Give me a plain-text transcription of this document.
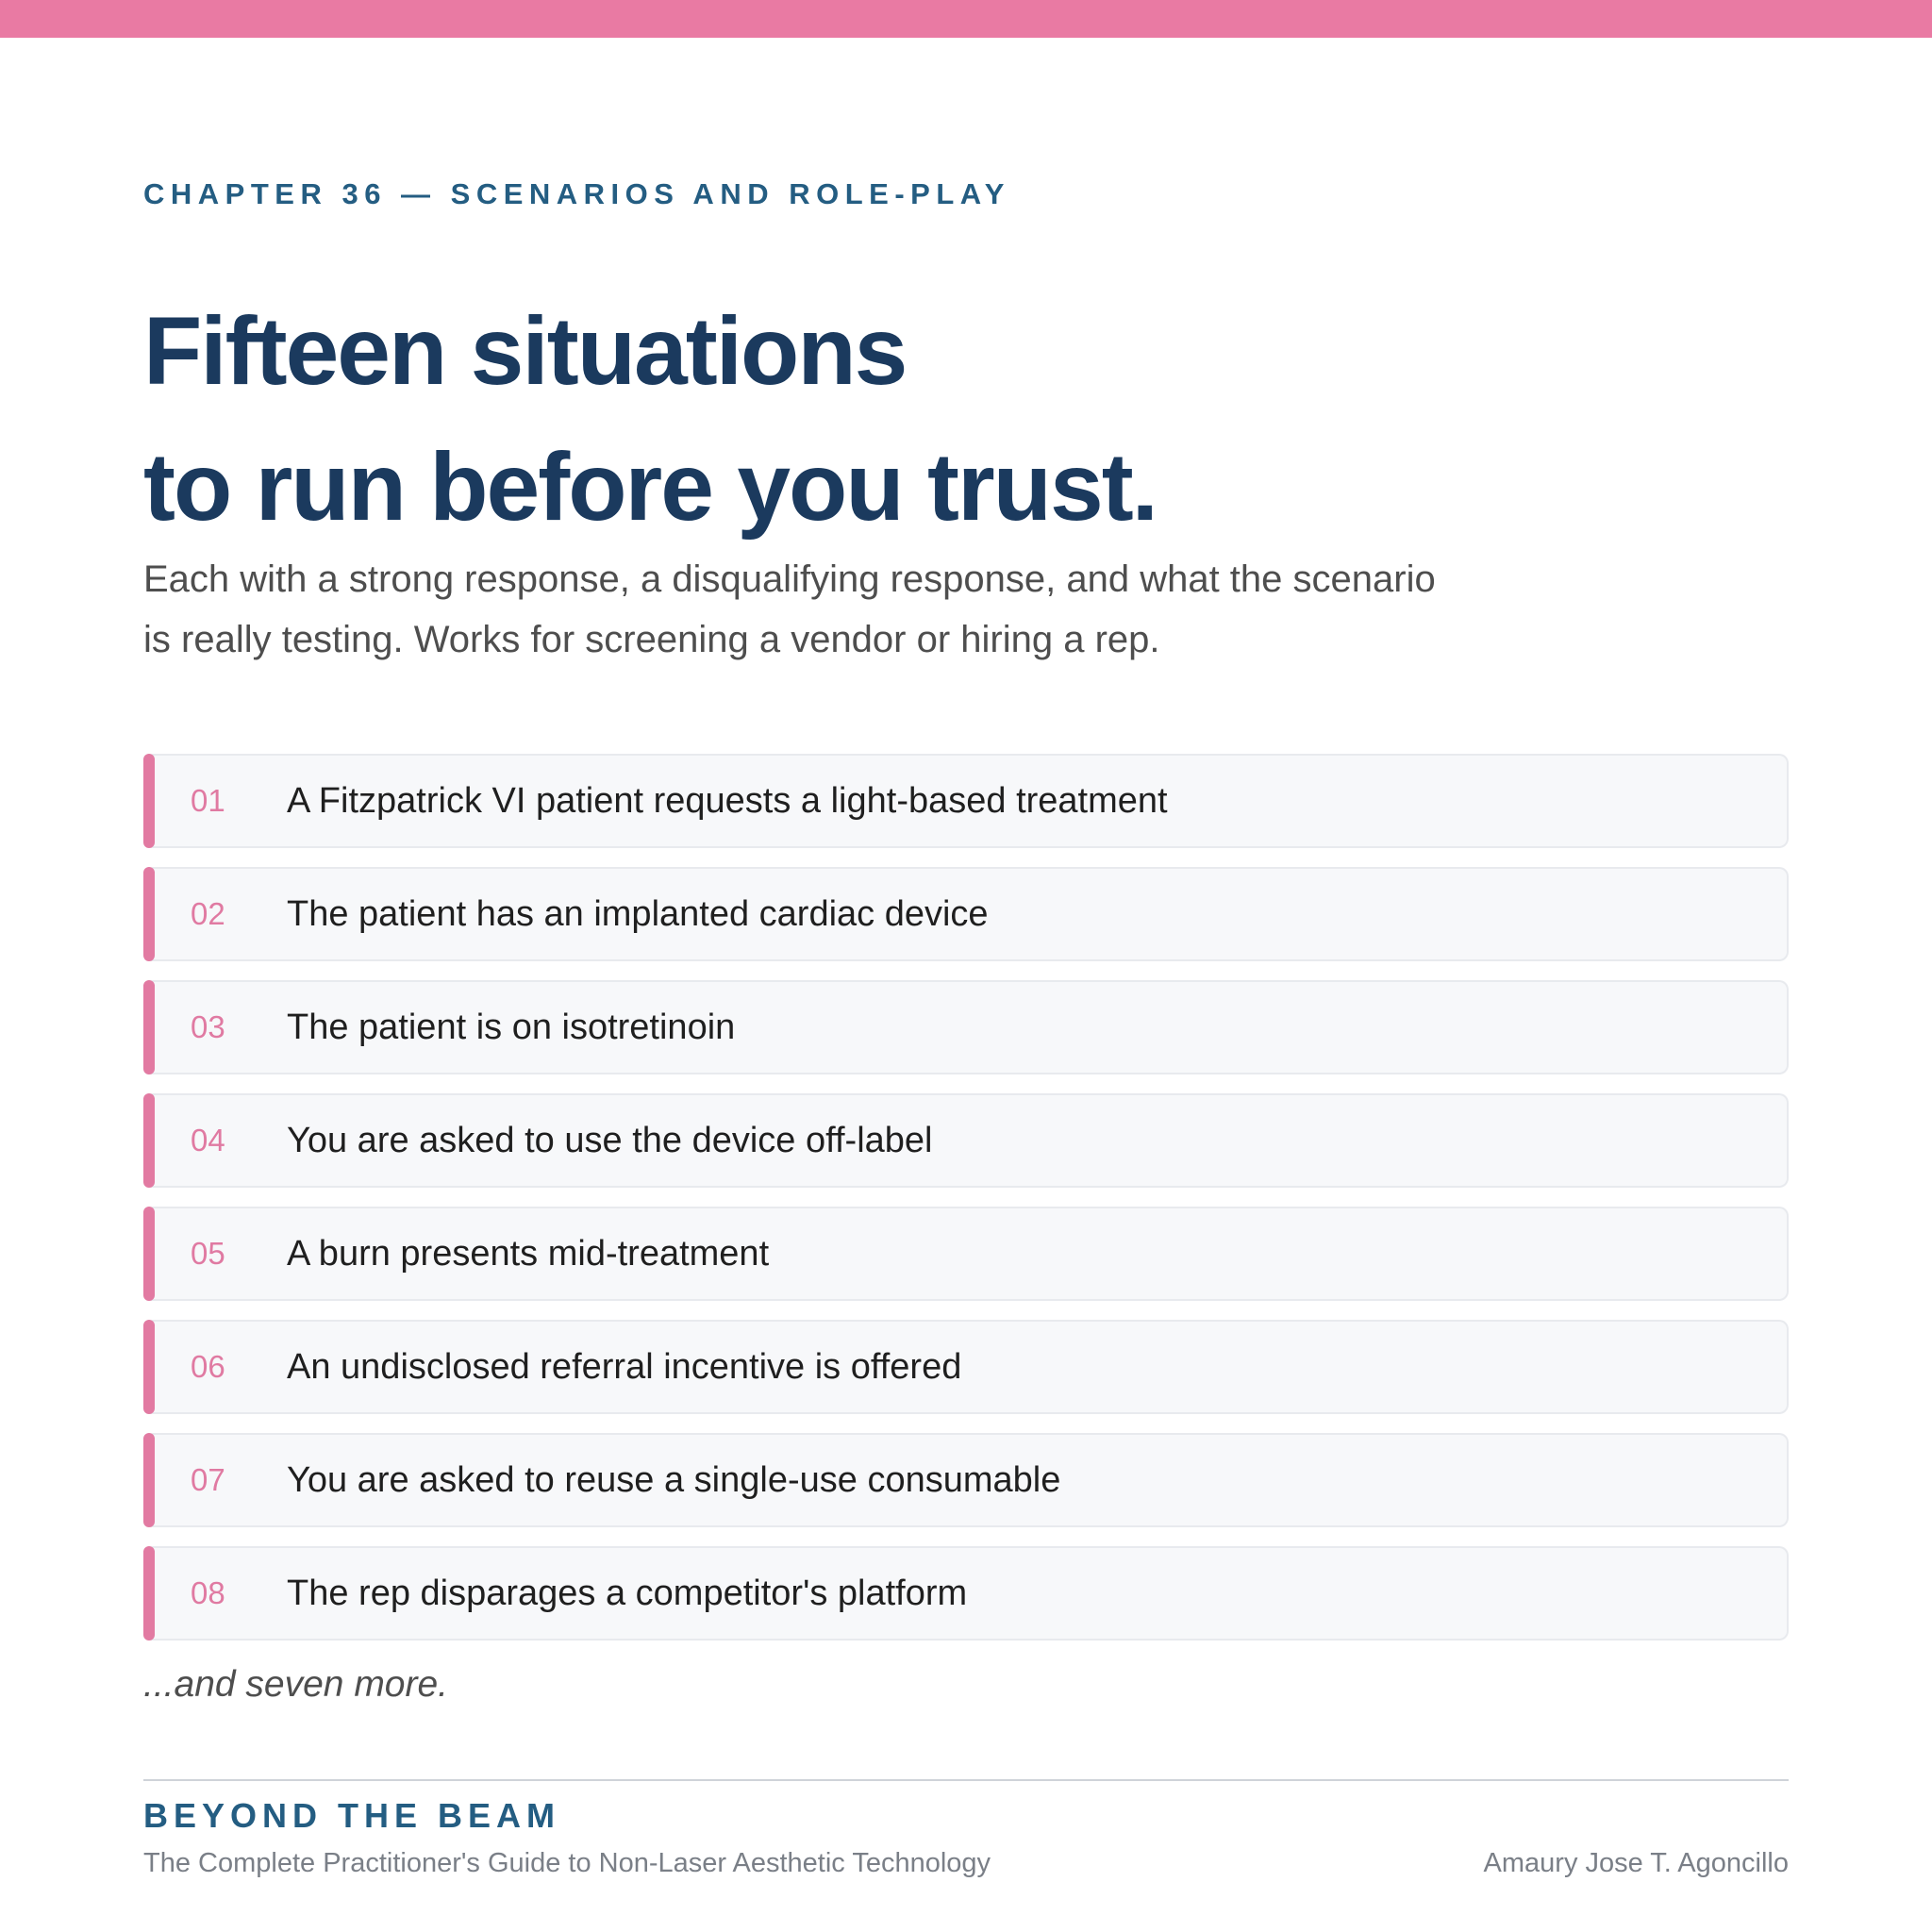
CHAPTER 36 — SCENARIOS AND ROLE-PLAY
Fifteen situations
to run before you trust.

Each with a strong response, a disqualifying response, and what the scenario is really testing. Works for screening a vendor or hiring a rep.

01 A Fitzpatrick VI patient requests a light-based treatment
02 The patient has an implanted cardiac device
03 The patient is on isotretinoin
04 You are asked to use the device off-label
05 A burn presents mid-treatment
06 An undisclosed referral incentive is offered
07 You are asked to reuse a single-use consumable
08 The rep disparages a competitor's platform
...and seven more.
BEYOND THE BEAM
The Complete Practitioner's Guide to Non-Laser Aesthetic Technology	Amaury Jose T. Agoncillo
